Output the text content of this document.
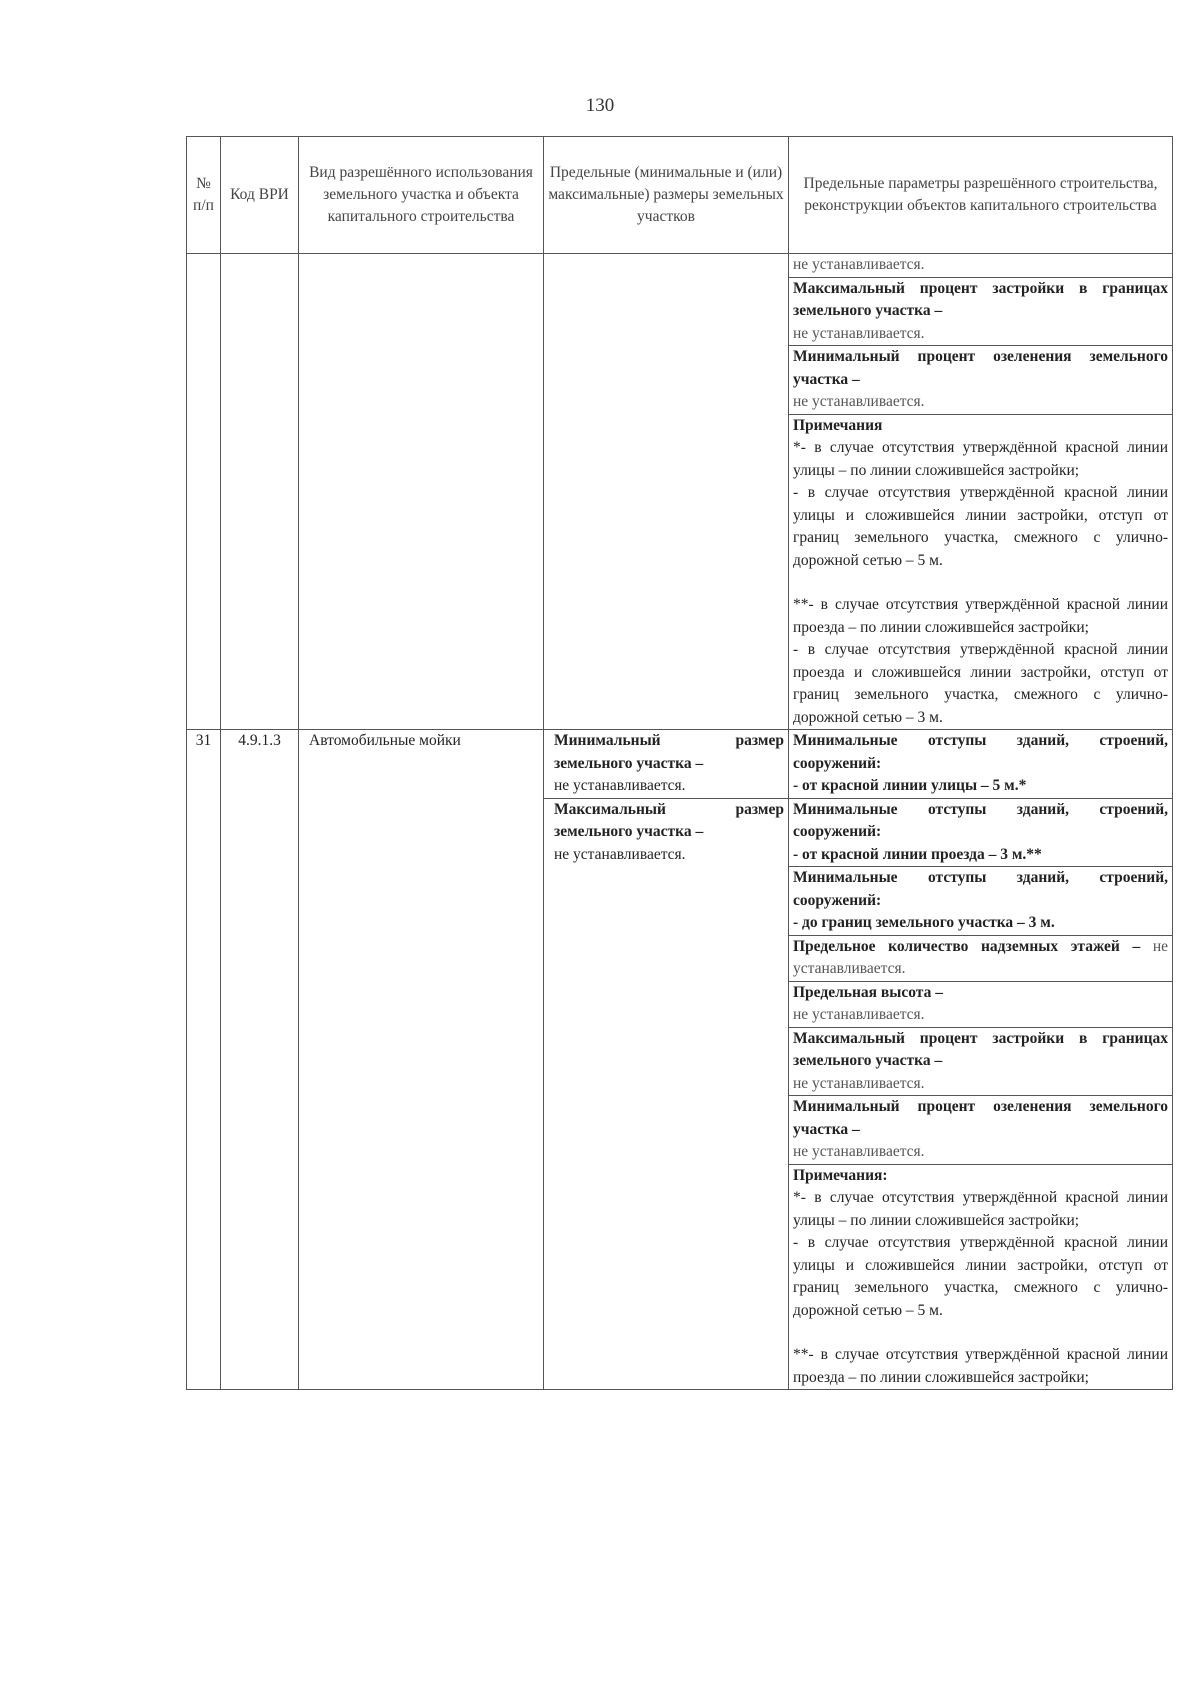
130
№ п/п	Код ВРИ	Вид разрешённого использования земельного участка и объекта капитального строительства	Предельные (минимальные и (или) максимальные) размеры земельных участков	Предельные параметры разрешённого строительства, реконструкции объектов капитального строительства
				не устанавливается.
				Максимальный процент застройки в границах земельного участка –
не устанавливается.
				Минимальный процент озеленения земельного участка –
не устанавливается.
				Примечания
*- в случае отсутствия утверждённой красной линии улицы – по линии сложившейся застройки;
- в случае отсутствия утверждённой красной линии улицы и сложившейся линии застройки, отступ от границ земельного участка, смежного с улично-дорожной сетью – 5 м.
**- в случае отсутствия утверждённой красной линии проезда – по линии сложившейся застройки;
- в случае отсутствия утверждённой красной линии проезда и сложившейся линии застройки, отступ от границ земельного участка, смежного с улично-дорожной сетью – 3 м.
31	4.9.1.3	Автомобильные мойки	Минимальный размер земельного участка –
не устанавливается.	Минимальные отступы зданий, строений, сооружений:
- от красной линии улицы – 5 м.*
			Максимальный размер земельного участка –
не устанавливается.	Минимальные отступы зданий, строений, сооружений:
- от красной линии проезда – 3 м.**
				Минимальные отступы зданий, строений, сооружений:
- до границ земельного участка – 3 м.
				Предельное количество надземных этажей – не устанавливается.
				Предельная высота –
не устанавливается.
				Максимальный процент застройки в границах земельного участка –
не устанавливается.
				Минимальный процент озеленения земельного участка –
не устанавливается.
				Примечания:
*- в случае отсутствия утверждённой красной линии улицы – по линии сложившейся застройки;
- в случае отсутствия утверждённой красной линии улицы и сложившейся линии застройки, отступ от границ земельного участка, смежного с улично-дорожной сетью – 5 м.
**- в случае отсутствия утверждённой красной линии проезда – по линии сложившейся застройки;
